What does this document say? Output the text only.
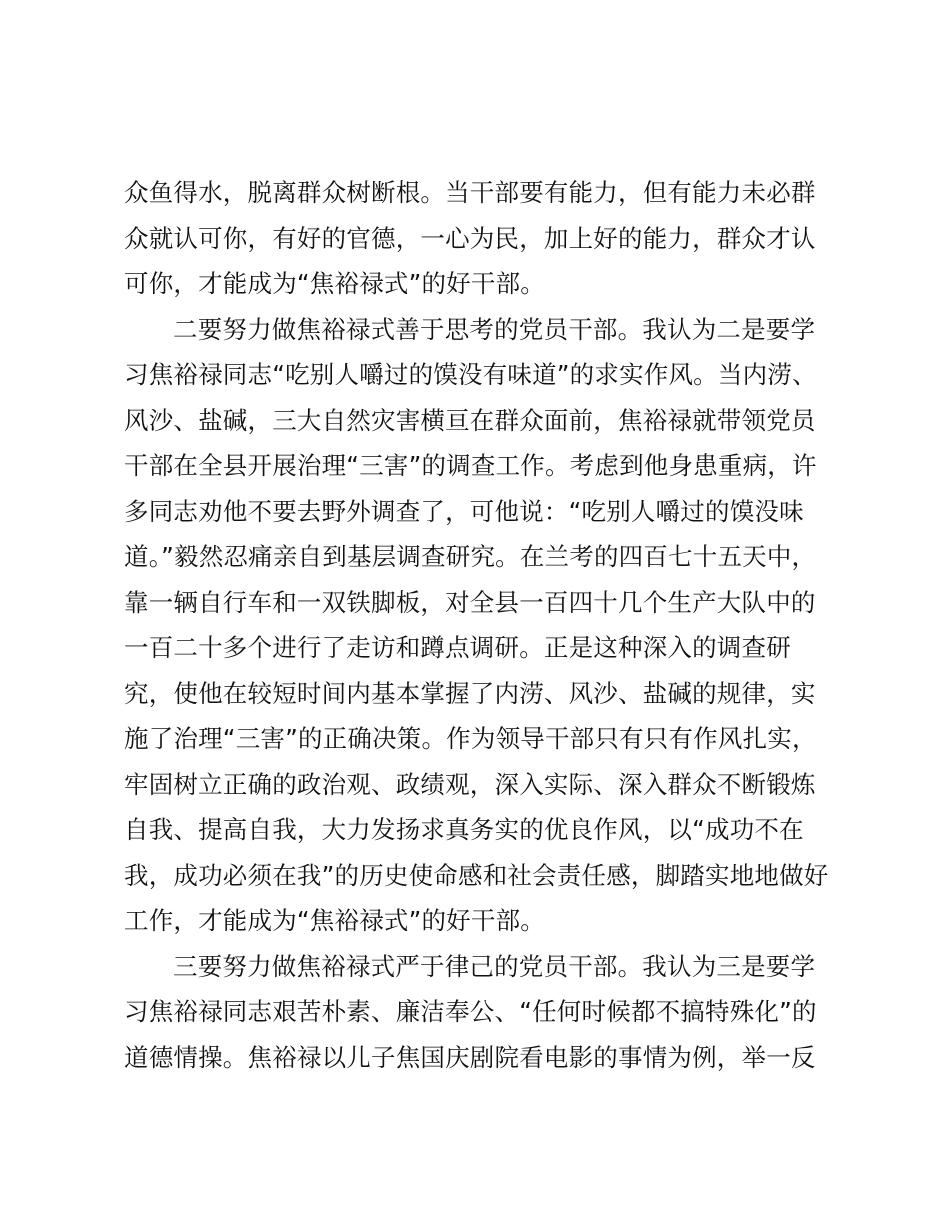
众鱼得水，脱离群众树断根。当干部要有能力，但有能力未必群
众就认可你，有好的官德，一心为民，加上好的能力，群众才认
可你，才能成为“焦裕禄式”的好干部。
二要努力做焦裕禄式善于思考的党员干部。我认为二是要学
习焦裕禄同志“吃别人嚼过的馍没有味道”的求实作风。当内涝、
风沙、盐碱，三大自然灾害横亘在群众面前，焦裕禄就带领党员
干部在全县开展治理“三害”的调查工作。考虑到他身患重病，许
多同志劝他不要去野外调查了，可他说：“吃别人嚼过的馍没味
道。”毅然忍痛亲自到基层调查研究。在兰考的四百七十五天中，
靠一辆自行车和一双铁脚板，对全县一百四十几个生产大队中的
一百二十多个进行了走访和蹲点调研。正是这种深入的调查研
究，使他在较短时间内基本掌握了内涝、风沙、盐碱的规律，实
施了治理“三害”的正确决策。作为领导干部只有只有作风扎实，
牢固树立正确的政治观、政绩观，深入实际、深入群众不断锻炼
自我、提高自我，大力发扬求真务实的优良作风，以“成功不在
我，成功必须在我”的历史使命感和社会责任感，脚踏实地地做好
工作，才能成为“焦裕禄式”的好干部。
三要努力做焦裕禄式严于律己的党员干部。我认为三是要学
习焦裕禄同志艰苦朴素、廉洁奉公、“任何时候都不搞特殊化”的
道德情操。焦裕禄以儿子焦国庆剧院看电影的事情为例，举一反
